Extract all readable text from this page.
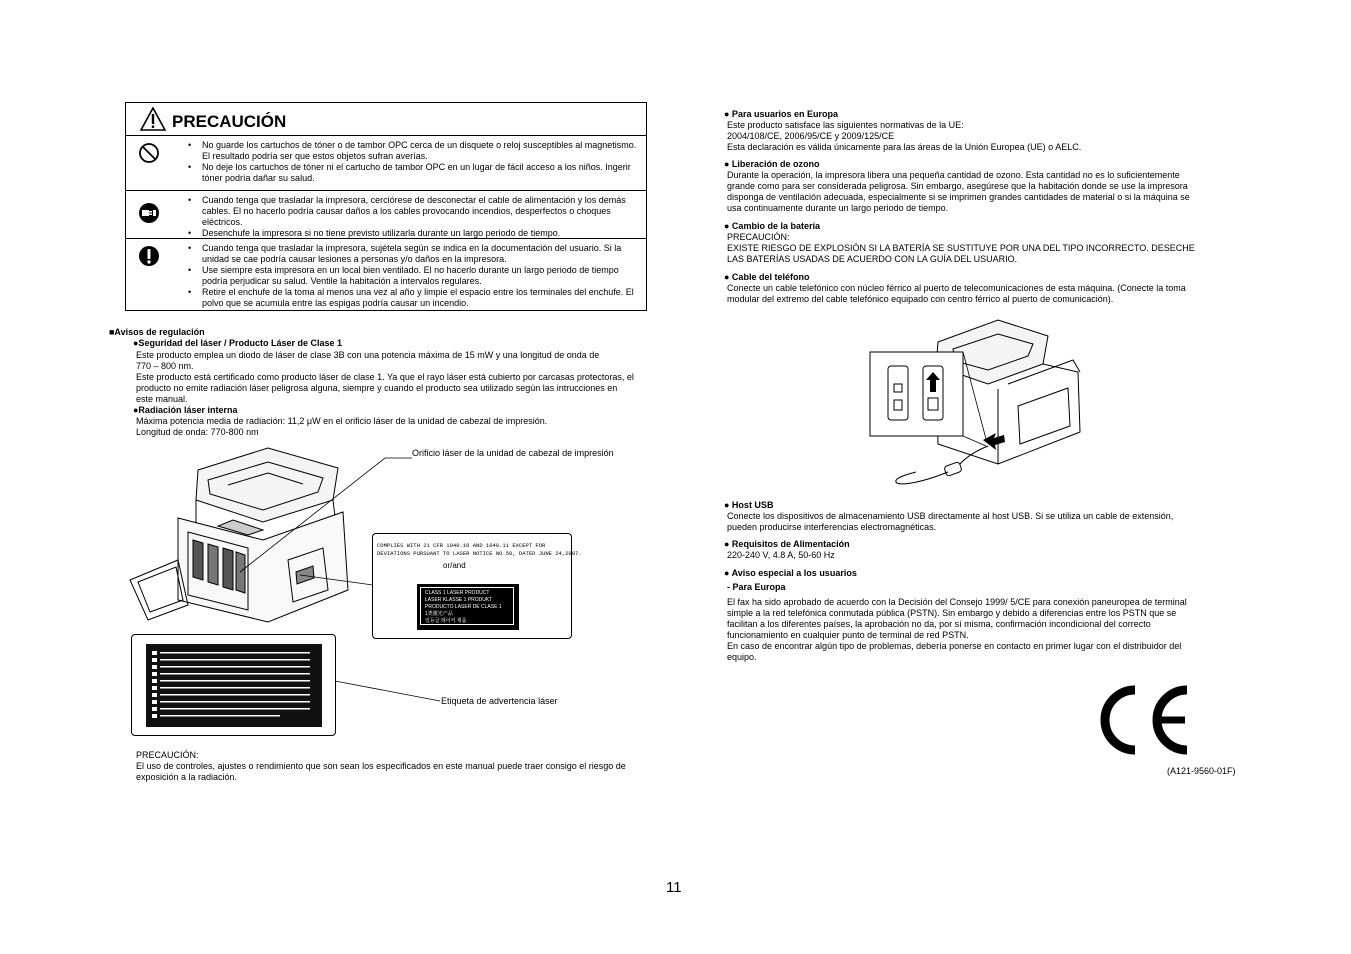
PRECAUCIÓN
• No guarde los cartuchos de tóner o de tambor OPC cerca de un disquete o reloj susceptibles al magnetismo. El resultado podría ser que estos objetos sufran averías.
• No deje los cartuchos de tóner ni el cartucho de tambor OPC en un lugar de fácil acceso a los niños. Ingerir tóner podría dañar su salud.
• Cuando tenga que trasladar la impresora, cerciórese de desconectar el cable de alimentación y los demás cables. El no hacerlo podría causar daños a los cables provocando incendios, desperfectos o choques eléctricos.
• Desenchufe la impresora si no tiene previsto utilizarla durante un largo periodo de tiempo.
• Cuando tenga que trasladar la impresora, sujétela según se indica en la documentación del usuario. Si la unidad se cae podría causar lesiones a personas y/o daños en la impresora.
• Use siempre esta impresora en un local bien ventilado. El no hacerlo durante un largo periodo de tiempo podría perjudicar su salud. Ventile la habitación a intervalos regulares.
• Retire el enchufe de la toma al menos una vez al año y limpie el espacio entre los terminales del enchufe. El polvo que se acumula entre las espigas podría causar un incendio.

■Avisos de regulación

●Seguridad del láser / Producto Láser de Clase 1

Este producto emplea un diodo de láser de clase 3B con una potencia máxima de 15 mW y una longitud de onda de

770 – 800 nm.

Este producto está certificado como producto láser de clase 1. Ya que el rayo láser está cubierto por carcasas protectoras, el

producto no emite radiación láser peligrosa alguna, siempre y cuando el producto sea utilizado según las intrucciones en

este manual.

●Radiación láser interna

Máxima potencia media de radiación: 11,2 μW en el orificio láser de la unidad de cabezal de impresión.

Longitud de onda: 770-800 nm

Orificio láser de la unidad de cabezal de impresión

COMPLIES WITH 21 CFR 1040.10 AND 1040.11 EXCEPT FOR

DEVIATIONS PURSUANT TO LASER NOTICE NO.50, DATED JUNE 24,2007.

or/and

CLASS 1 LASER PRODUCT
LASER KLASSE 1 PRODUKT
PRODUCTO LASER DE CLASE 1
1类激光产品
일등급 레이저 제품

Etiqueta de advertencia láser

PRECAUCIÓN:

El uso de controles, ajustes o rendimiento que son sean los especificados en este manual puede traer consigo el riesgo de

exposición a la radiación.

● Para usuarios en Europa

Este producto satisface las siguientes normativas de la UE:

2004/108/CE, 2006/95/CE y 2009/125/CE

Esta declaración es válida únicamente para las áreas de la Unión Europea (UE) o AELC.

● Liberación de ozono

Durante la operación, la impresora libera una pequeña cantidad de ozono. Esta cantidad no es lo suficientemente

grande como para ser considerada peligrosa. Sin embargo, asegúrese que la habitación donde se use la impresora

disponga de ventilación adecuada, especialmente si se imprimen grandes cantidades de material o si la máquina se

usa continuamente durante un largo periodo de tiempo.

● Cambio de la batería

PRECAUCIÓN:

EXISTE RIESGO DE EXPLOSIÓN SI LA BATERÍA SE SUSTITUYE POR UNA DEL TIPO INCORRECTO. DESECHE

LAS BATERÍAS USADAS DE ACUERDO CON LA GUÍA DEL USUARIO.

● Cable del teléfono

Conecte un cable telefónico con núcleo férrico al puerto de telecomunicaciones de esta máquina. (Conecte la toma

modular del extremo del cable telefónico equipado con centro férrico al puerto de comunicación).

● Host USB

Conecte los dispositivos de almacenamiento USB directamente al host USB. Si se utiliza un cable de extensión,

pueden producirse interferencias electromagnéticas.

● Requisitos de Alimentación

220-240 V, 4.8 A, 50-60 Hz

● Aviso especial a los usuarios

- Para Europa

El fax ha sido aprobado de acuerdo con la Decisión del Consejo 1999/ 5/CE para conexión paneuropea de terminal

simple a la red telefónica conmutada pública (PSTN). Sin embargo y debido a diferencias entre los PSTN que se

facilitan a los diferentes países, la aprobación no da, por sí misma, confirmación incondicional del correcto

funcionamiento en cualquier punto de terminal de red PSTN.

En caso de encontrar algún tipo de problemas, debería ponerse en contacto en primer lugar con el distribuidor del

equipo.

(A121-9560-01F)

11
